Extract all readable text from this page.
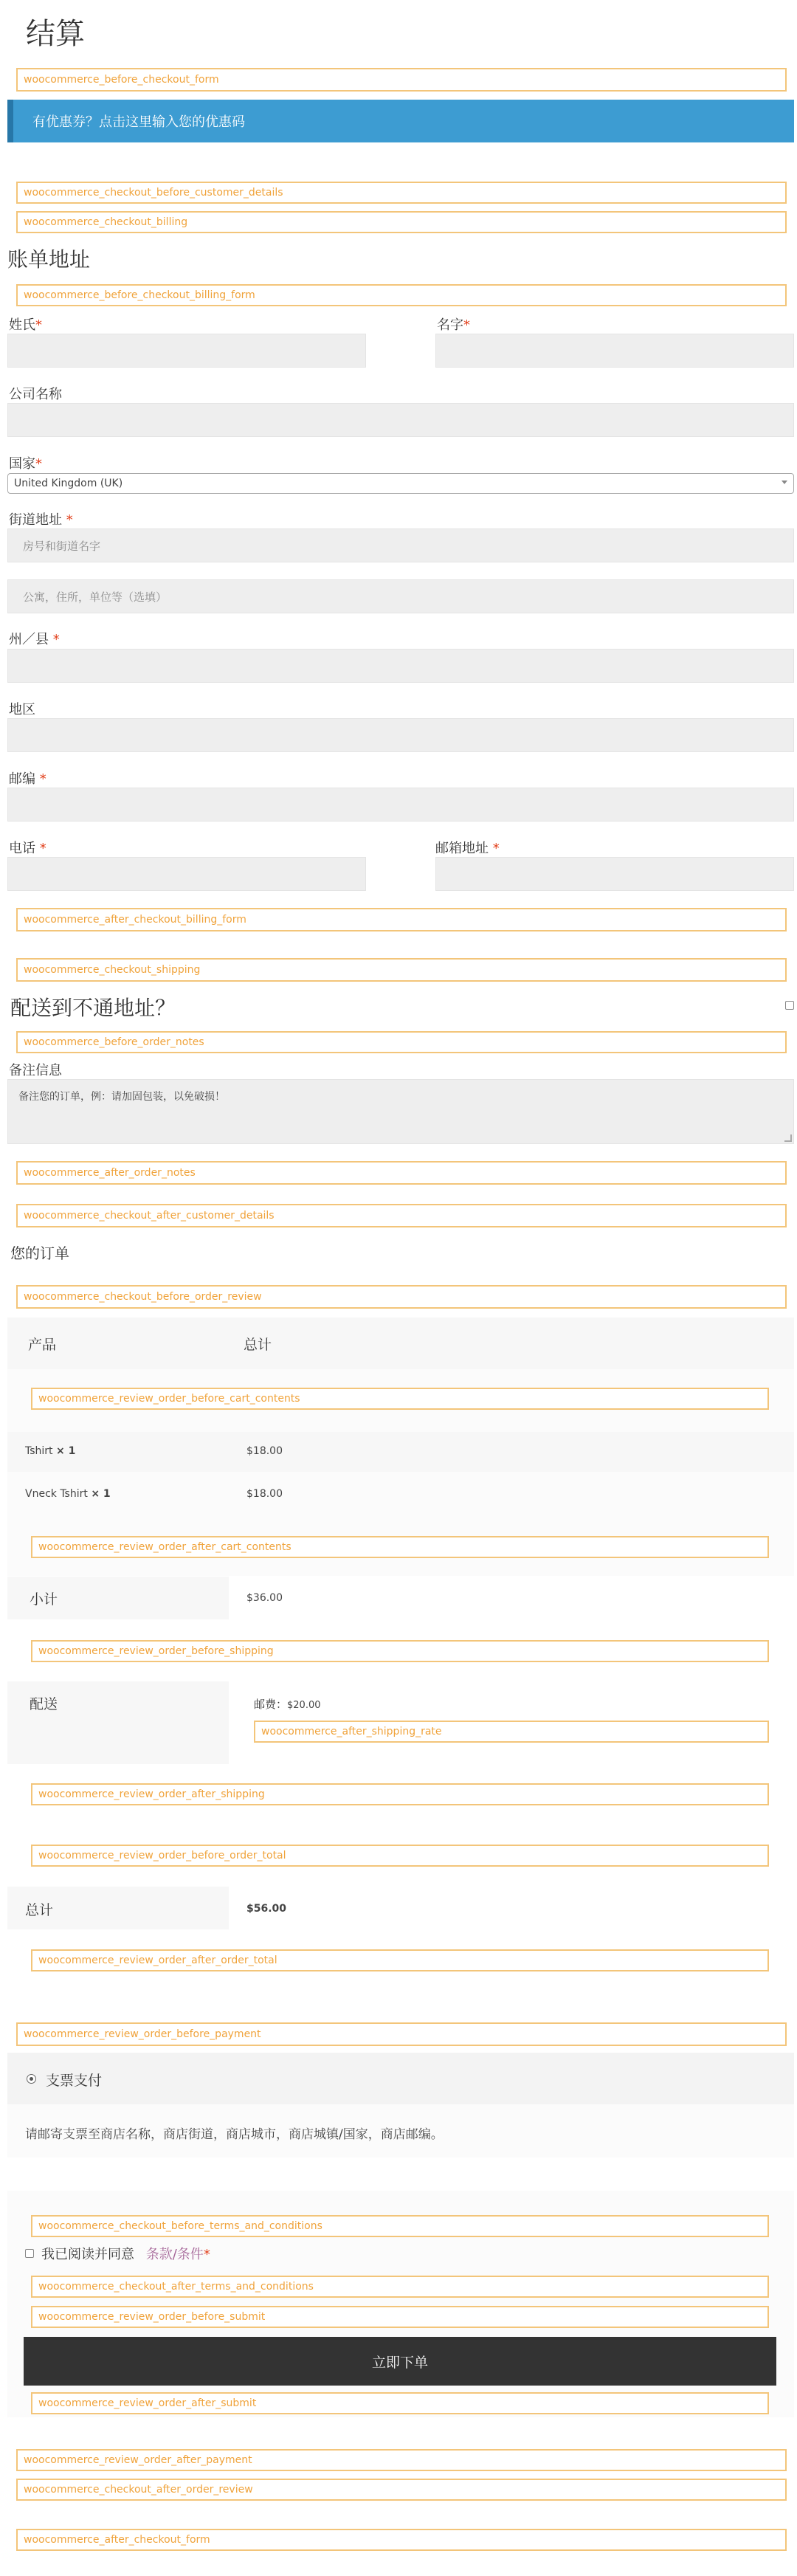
结算
woocommerce_before_checkout_form
有优惠券？点击这里输入您的优惠码
woocommerce_checkout_before_customer_details
woocommerce_checkout_billing
账单地址
woocommerce_before_checkout_billing_form
姓氏*	名字*
公司名称
国家*
United Kingdom (UK)
街道地址 *
房号和街道名字
公寓，住所，单位等（选填）
州／县 *
地区
邮编 *
电话 *	邮箱地址 *
woocommerce_after_checkout_billing_form
woocommerce_checkout_shipping
配送到不通地址？
woocommerce_before_order_notes
备注信息
备注您的订单，例：请加固包装，以免破损！
woocommerce_after_order_notes
woocommerce_checkout_after_customer_details
您的订单
woocommerce_checkout_before_order_review
产品	总计
woocommerce_review_order_before_cart_contents
Tshirt × 1	$18.00
Vneck Tshirt × 1	$18.00
woocommerce_review_order_after_cart_contents
小计	$36.00
woocommerce_review_order_before_shipping
配送	邮费：$20.00
woocommerce_after_shipping_rate
woocommerce_review_order_after_shipping
woocommerce_review_order_before_order_total
总计	$56.00
woocommerce_review_order_after_order_total
woocommerce_review_order_before_payment
支票支付
请邮寄支票至商店名称，商店街道，商店城市，商店城镇/国家，商店邮编。
woocommerce_checkout_before_terms_and_conditions
我已阅读并同意 条款/条件*
woocommerce_checkout_after_terms_and_conditions
woocommerce_review_order_before_submit
立即下单
woocommerce_review_order_after_submit
woocommerce_review_order_after_payment
woocommerce_checkout_after_order_review
woocommerce_after_checkout_form
